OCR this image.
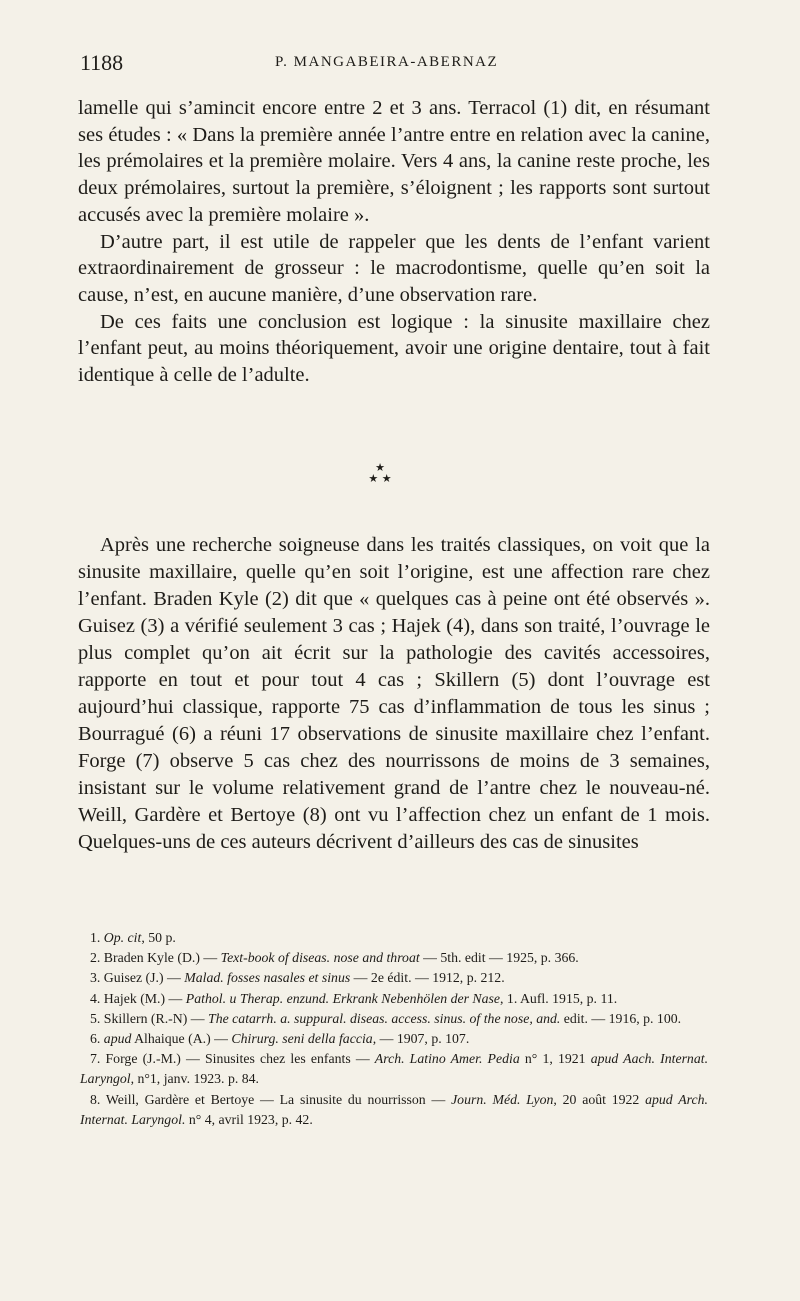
1188	P. MANGABEIRA-ABERNAZ

lamelle qui s’amincit encore entre 2 et 3 ans. Terracol (1) dit, en résumant ses études : « Dans la première année l’antre entre en relation avec la canine, les prémolaires et la première molaire. Vers 4 ans, la canine reste proche, les deux prémolaires, surtout la première, s’éloignent ; les rapports sont surtout accusés avec la première molaire ».

D’autre part, il est utile de rappeler que les dents de l’enfant varient extraordinairement de grosseur : le macrodontisme, quelle qu’en soit la cause, n’est, en aucune manière, d’une observation rare.

De ces faits une conclusion est logique : la sinusite maxillaire chez l’enfant peut, au moins théoriquement, avoir une origine dentaire, tout à fait identique à celle de l’adulte.

★
★ ★

Après une recherche soigneuse dans les traités classiques, on voit que la sinusite maxillaire, quelle qu’en soit l’origine, est une affection rare chez l’enfant. Braden Kyle (2) dit que « quelques cas à peine ont été observés ». Guisez (3) a vérifié seulement 3 cas ; Hajek (4), dans son traité, l’ouvrage le plus complet qu’on ait écrit sur la pathologie des cavités accessoires, rapporte en tout et pour tout 4 cas ; Skillern (5) dont l’ouvrage est aujourd’hui classique, rapporte 75 cas d’inflammation de tous les sinus ; Bourragué (6) a réuni 17 observations de sinusite maxillaire chez l’enfant. Forge (7) observe 5 cas chez des nourrissons de moins de 3 semaines, insistant sur le volume relativement grand de l’antre chez le nouveau-né. Weill, Gardère et Bertoye (8) ont vu l’affection chez un enfant de 1 mois. Quelques-uns de ces auteurs décrivent d’ailleurs des cas de sinusites

1. Op. cit, 50 p.

2. Braden Kyle (D.) — Text-book of diseas. nose and throat — 5th. edit — 1925, p. 366.

3. Guisez (J.) — Malad. fosses nasales et sinus — 2e édit. — 1912, p. 212.

4. Hajek (M.) — Pathol. u Therap. enzund. Erkrank Nebenhölen der Nase, 1. Aufl. 1915, p. 11.

5. Skillern (R.-N) — The catarrh. a. suppural. diseas. access. sinus. of the nose, and. edit. — 1916, p. 100.

6. apud Alhaique (A.) — Chirurg. seni della faccia, — 1907, p. 107.

7. Forge (J.-M.) — Sinusites chez les enfants — Arch. Latino Amer. Pedia n° 1, 1921 apud Aach. Internat. Laryngol, n°1, janv. 1923. p. 84.

8. Weill, Gardère et Bertoye — La sinusite du nourrisson — Journ. Méd. Lyon, 20 août 1922 apud Arch. Internat. Laryngol. n° 4, avril 1923, p. 42.
